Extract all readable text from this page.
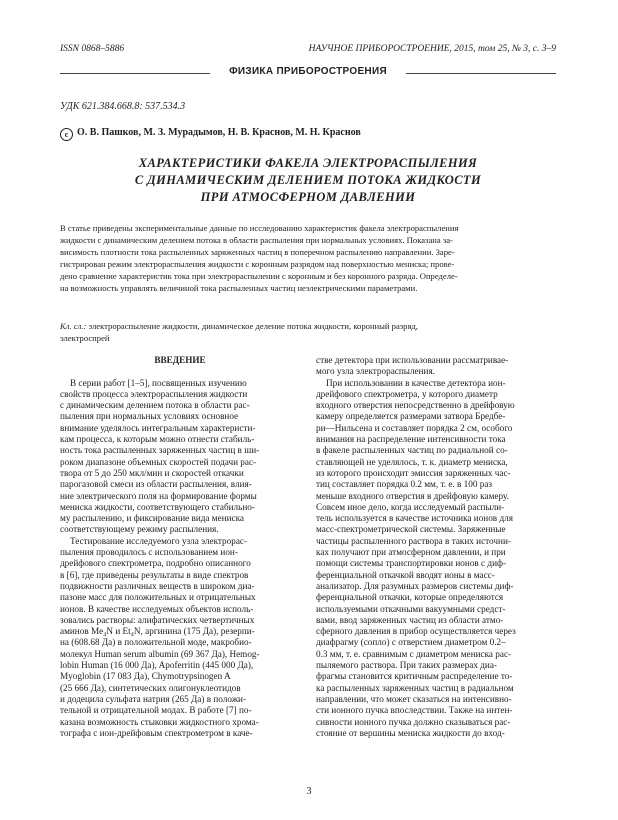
ISSN 0868–5886	НАУЧНОЕ ПРИБОРОСТРОЕНИЕ, 2015, том 25, № 3, с. 3–9
ФИЗИКА ПРИБОРОСТРОЕНИЯ
УДК 621.384.668.8: 537.534.3
c О. В. Пашков, М. З. Мурадымов, Н. В. Краснов, М. Н. Краснов
ХАРАКТЕРИСТИКИ ФАКЕЛА ЭЛЕКТРОРАСПЫЛЕНИЯ
С ДИНАМИЧЕСКИМ ДЕЛЕНИЕМ ПОТОКА ЖИДКОСТИ
ПРИ АТМОСФЕРНОМ ДАВЛЕНИИ
В статье приведены экспериментальные данные по исследованию характеристик факела электрораспыления
жидкости с динамическим делением потока в области распыления при нормальных условиях. Показана за-
висимость плотности тока распыленных заряженных частиц в поперечном распылению направлении. Заре-
гистрирован режим электрораспыления жидкости с коронным разрядом над поверхностью мениска; прове-
дено сравнение характеристик тока при электрораспылении с коронным и без коронного разряда. Определе-
на возможность управлять величиной тока распыленных частиц неэлектрическими параметрами.
Кл. сл.: электрораспыление жидкости, динамическое деление потока жидкости, коронный разряд,
электроспрей
ВВЕДЕНИЕ
В серии работ [1–5], посвященных изучению
свойств процесса электрораспыления жидкости
с динамическим делением потока в области рас-
пыления при нормальных условиях основное
внимание уделялось интегральным характеристи-
кам процесса, к которым можно отнести стабиль-
ность тока распыленных заряженных частиц в ши-
роком диапазоне объемных скоростей подачи рас-
твора от 5 до 250 мкл/мин и скоростей откачки
парогазовой смеси из области распыления, влия-
ние электрического поля на формирование формы
мениска жидкости, соответствующего стабильно-
му распылению, и фиксирование вида мениска
соответствующему режиму распыления.
Тестирование исследуемого узла электрорас-
пыления проводилось с использованием ион-
дрейфового спектрометра, подробно описанного
в [6], где приведены результаты в виде спектров
подвижности различных веществ в широком диа-
пазоне масс для положительных и отрицательных
ионов. В качестве исследуемых объектов исполь-
зовались растворы: алифатических четвертичных
аминов Me₄N и Et₄N, аргинина (175 Да), резерпи-
на (608.68 Да) в положительной моде, макробио-
молекул Human serum albumin (69 367 Да), Hemog-
lobin Human (16 000 Да), Apoferritin (445 000 Да),
Myoglobin (17 083 Да), Chymotrypsinogen A
(25 666 Да), синтетических олигонуклеотидов
и додецила сульфата натрия (265 Да) в положи-
тельной и отрицательной модах. В работе [7] по-
казана возможность стыковки жидкостного хрома-
тографа с ион-дрейфовым спектрометром в каче-
стве детектора при использовании рассматривае-
мого узла электрораспыления.
При использовании в качестве детектора ион-
дрейфового спектрометра, у которого диаметр
входного отверстия непосредственно в дрейфовую
камеру определяется размерами затвора Бредбе-
ри—Нильсена и составляет порядка 2 см, особого
внимания на распределение интенсивности тока
в факеле распыленных частиц по радиальной со-
ставляющей не уделялось, т. к. диаметр мениска,
из которого происходит эмиссия заряженных час-
тиц составляет порядка 0.2 мм, т. е. в 100 раз
меньше входного отверстия в дрейфовую камеру.
Совсем иное дело, когда исследуемый распыли-
тель используется в качестве источника ионов для
масс-спектрометрической системы. Заряженные
частицы распыленного раствора в таких источни-
ках получают при атмосферном давлении, и при
помощи системы транспортировки ионов с диф-
ференциальной откачкой вводят ионы в масс-
анализатор. Для разумных размеров системы диф-
ференциальной откачки, которые определяются
используемыми откачными вакуумными средст-
вами, ввод заряженных частиц из области атмо-
сферного давления в прибор осуществляется через
диафрагму (сопло) с отверстием диаметром 0.2–
0.3 мм, т. е. сравнимым с диаметром мениска рас-
пыляемого раствора. При таких размерах диа-
фрагмы становится критичным распределение то-
ка распыленных заряженных частиц в радиальном
направлении, что может сказаться на интенсивно-
сти ионного пучка впоследствии. Также на интен-
сивности ионного пучка должно сказываться рас-
стояние от вершины мениска жидкости до вход-
3
